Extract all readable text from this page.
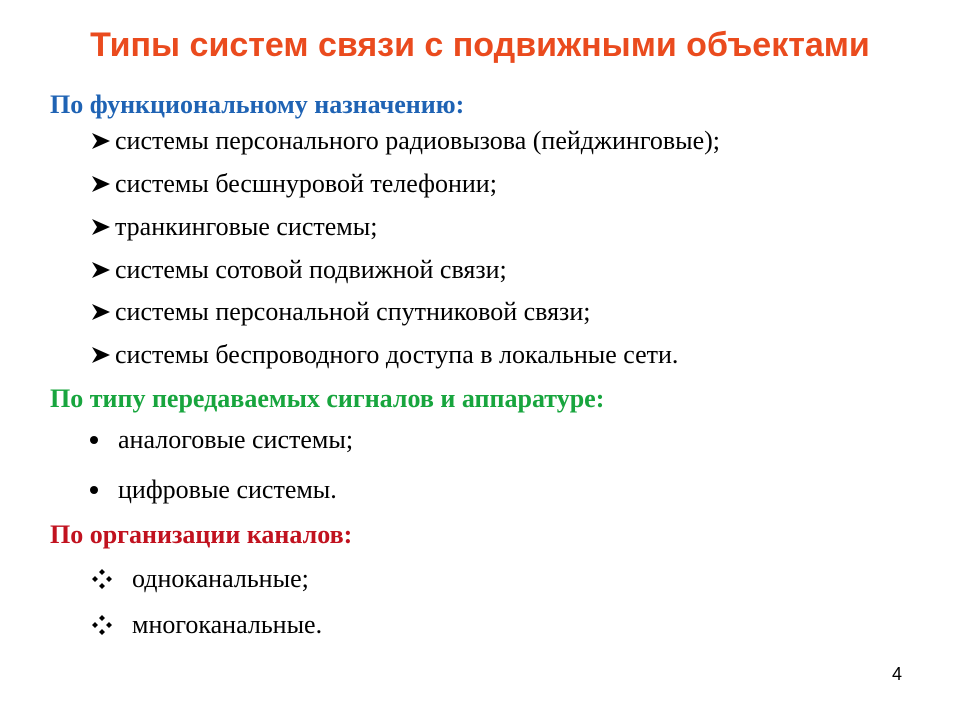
Типы систем связи с подвижными объектами
По функциональному назначению:
системы персонального радиовызова (пейджинговые);
системы бесшнуровой телефонии;
транкинговые системы;
системы сотовой подвижной связи;
системы персональной спутниковой связи;
системы беспроводного доступа в локальные сети.
По типу передаваемых сигналов и аппаратуре:
аналоговые системы;
цифровые системы.
По организации каналов:
одноканальные;
многоканальные.
4
